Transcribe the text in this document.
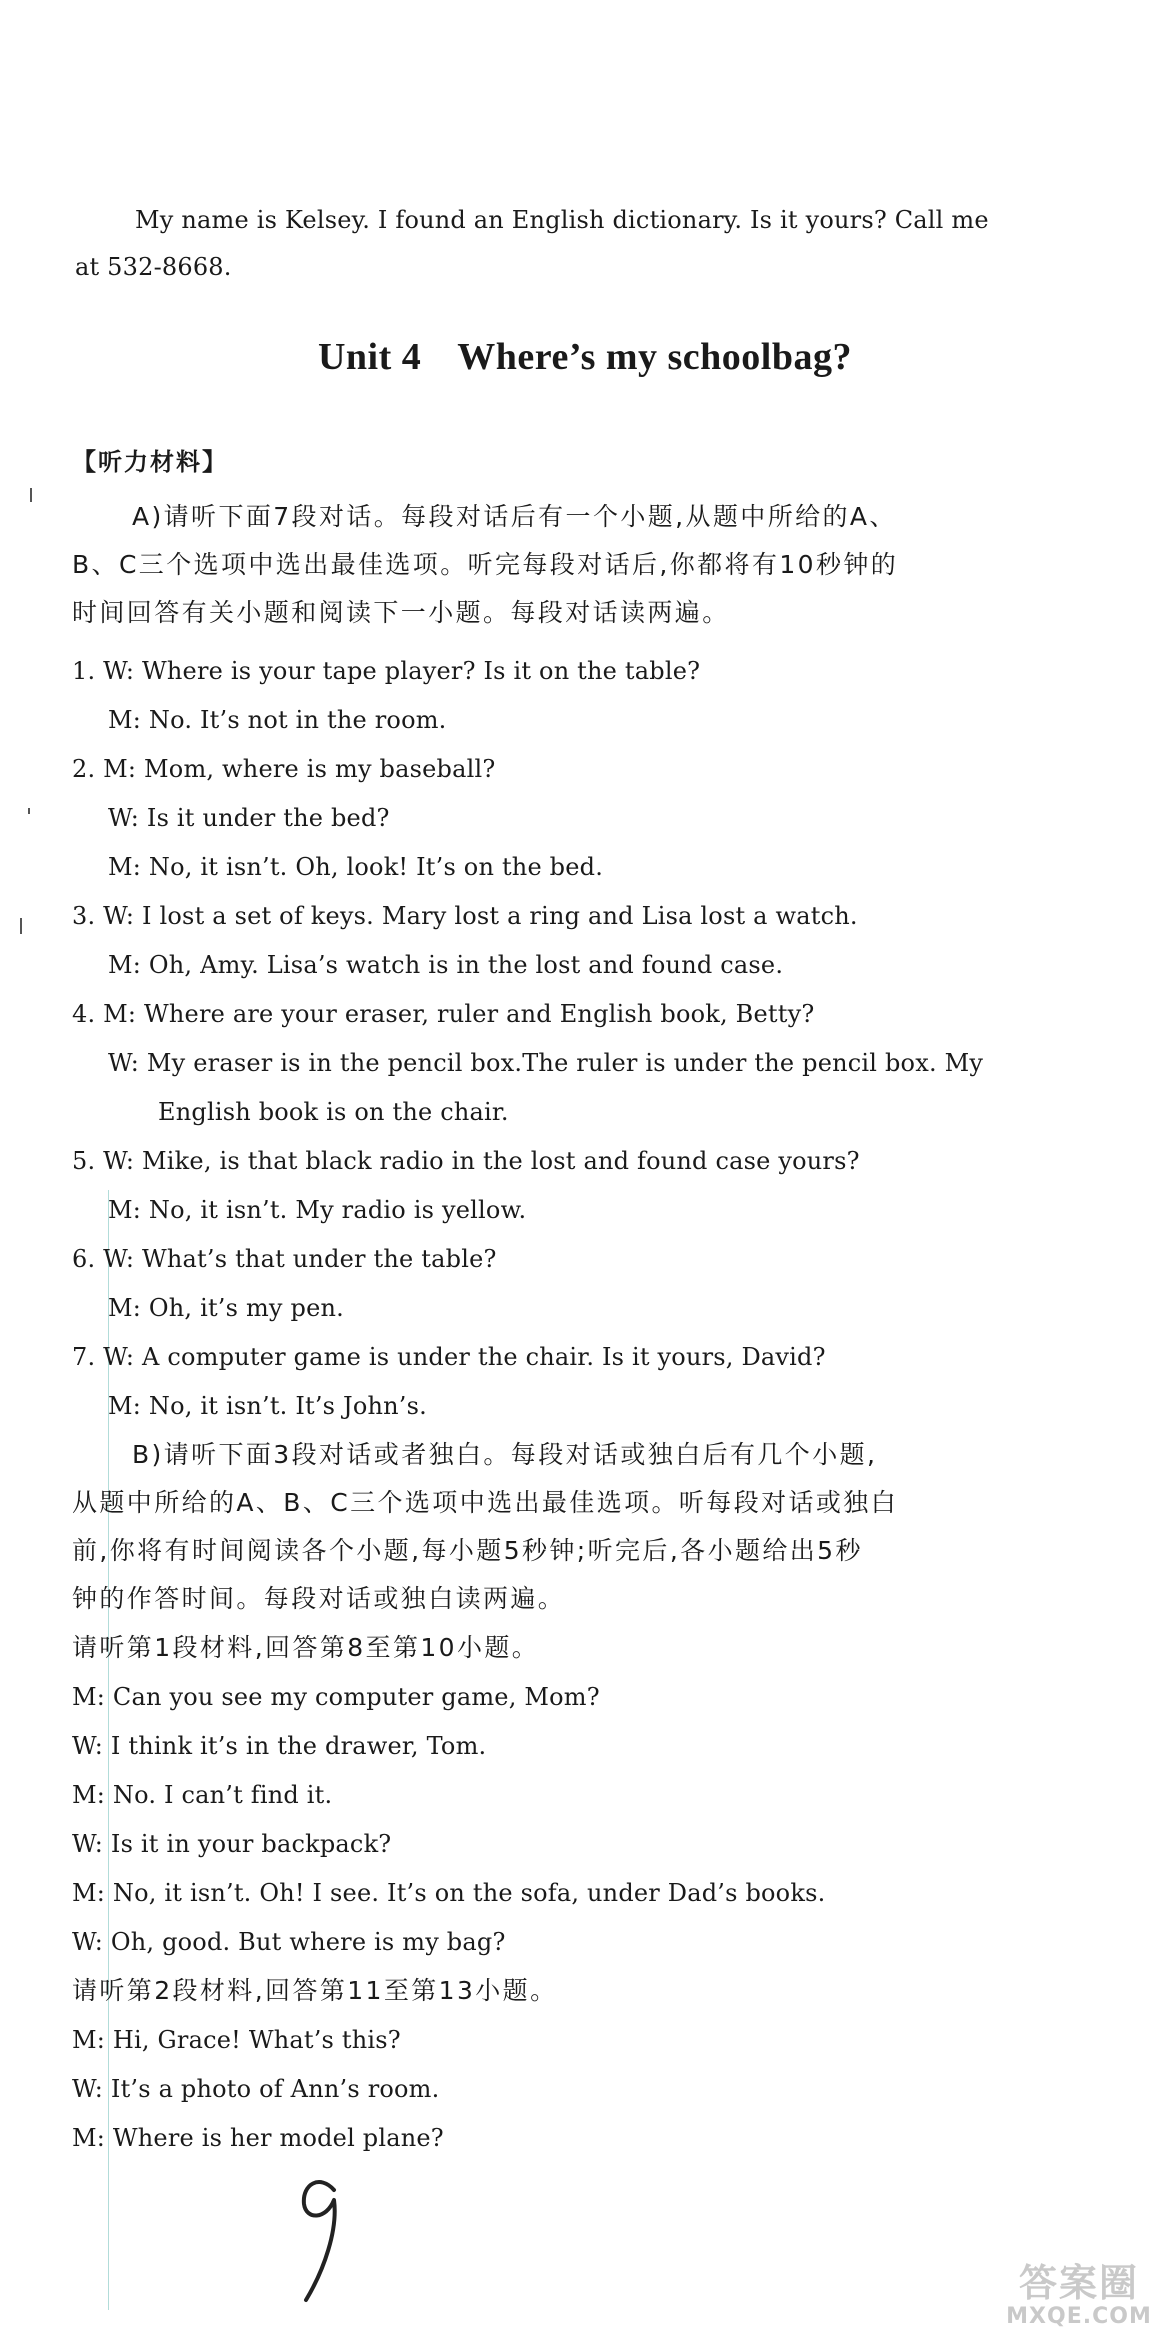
My name is Kelsey. I found an English dictionary. Is it yours? Call me
at 532-8668.
Unit 4 Where’s my schoolbag?
【听力材料】
A)请听下面7段对话。每段对话后有一个小题,从题中所给的A、
B、C三个选项中选出最佳选项。听完每段对话后,你都将有10秒钟的
时间回答有关小题和阅读下一小题。每段对话读两遍。
1. W: Where is your tape player? Is it on the table?
M: No. It’s not in the room.
2. M: Mom, where is my baseball?
W: Is it under the bed?
M: No, it isn’t. Oh, look! It’s on the bed.
3. W: I lost a set of keys. Mary lost a ring and Lisa lost a watch.
M: Oh, Amy. Lisa’s watch is in the lost and found case.
4. M: Where are your eraser, ruler and English book, Betty?
W: My eraser is in the pencil box.The ruler is under the pencil box. My
English book is on the chair.
5. W: Mike, is that black radio in the lost and found case yours?
M: No, it isn’t. My radio is yellow.
6. W: What’s that under the table?
M: Oh, it’s my pen.
7. W: A computer game is under the chair. Is it yours, David?
M: No, it isn’t. It’s John’s.
B)请听下面3段对话或者独白。每段对话或独白后有几个小题,
从题中所给的A、B、C三个选项中选出最佳选项。听每段对话或独白
前,你将有时间阅读各个小题,每小题5秒钟;听完后,各小题给出5秒
钟的作答时间。每段对话或独白读两遍。
请听第1段材料,回答第8至第10小题。
M: Can you see my computer game, Mom?
W: I think it’s in the drawer, Tom.
M: No. I can’t find it.
W: Is it in your backpack?
M: No, it isn’t. Oh! I see. It’s on the sofa, under Dad’s books.
W: Oh, good. But where is my bag?
请听第2段材料,回答第11至第13小题。
M: Hi, Grace! What’s this?
W: It’s a photo of Ann’s room.
M: Where is her model plane?
答案圈
MXQE.COM
